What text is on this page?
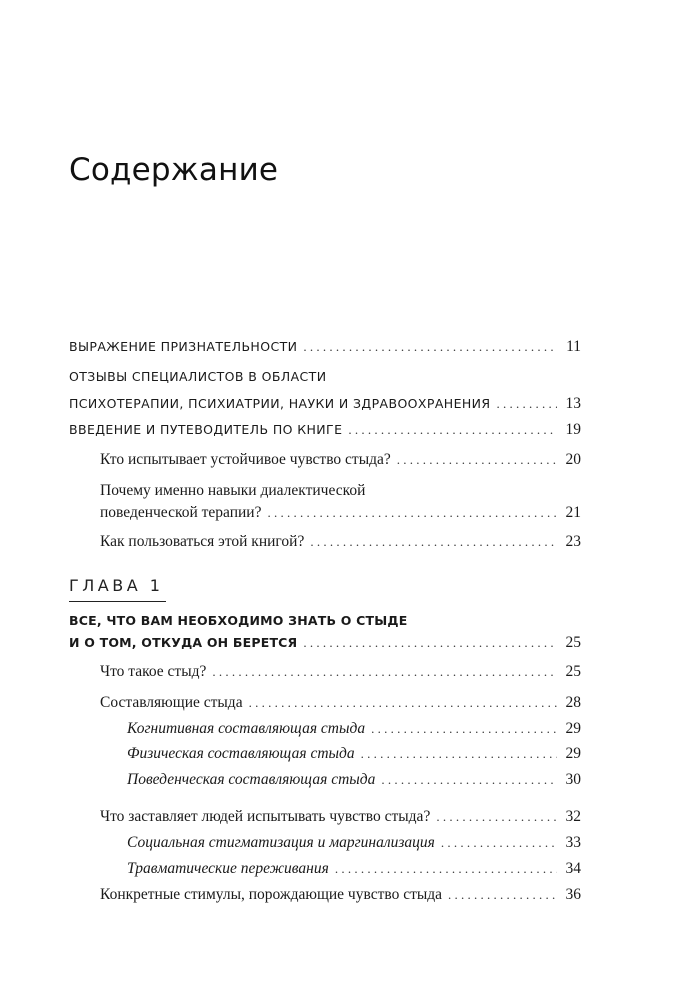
Содержание
ВЫРАЖЕНИЕ ПРИЗНАТЕЛЬНОСТИ . . .	11
ОТЗЫВЫ СПЕЦИАЛИСТОВ В ОБЛАСТИ
ПСИХОТЕРАПИИ, ПСИХИАТРИИ, НАУКИ И ЗДРАВООХРАНЕНИЯ . . .	13
ВВЕДЕНИЕ И ПУТЕВОДИТЕЛЬ ПО КНИГЕ . . .	19
Кто испытывает устойчивое чувство стыда? . . .	20
Почему именно навыки диалектической
поведенческой терапии? . . .	21
Как пользоваться этой книгой? . . .	23
ГЛАВА 1
ВСЕ, ЧТО ВАМ НЕОБХОДИМО ЗНАТЬ О СТЫДЕ
И О ТОМ, ОТКУДА ОН БЕРЕТСЯ . . .	25
Что такое стыд? . . .	25
Составляющие стыда . . .	28
Когнитивная составляющая стыда . . .	29
Физическая составляющая стыда . . .	29
Поведенческая составляющая стыда . . .	30
Что заставляет людей испытывать чувство стыда? . . .	32
Социальная стигматизация и маргинализация . . .	33
Травматические переживания . . .	34
Конкретные стимулы, порождающие чувство стыда . . .	36
